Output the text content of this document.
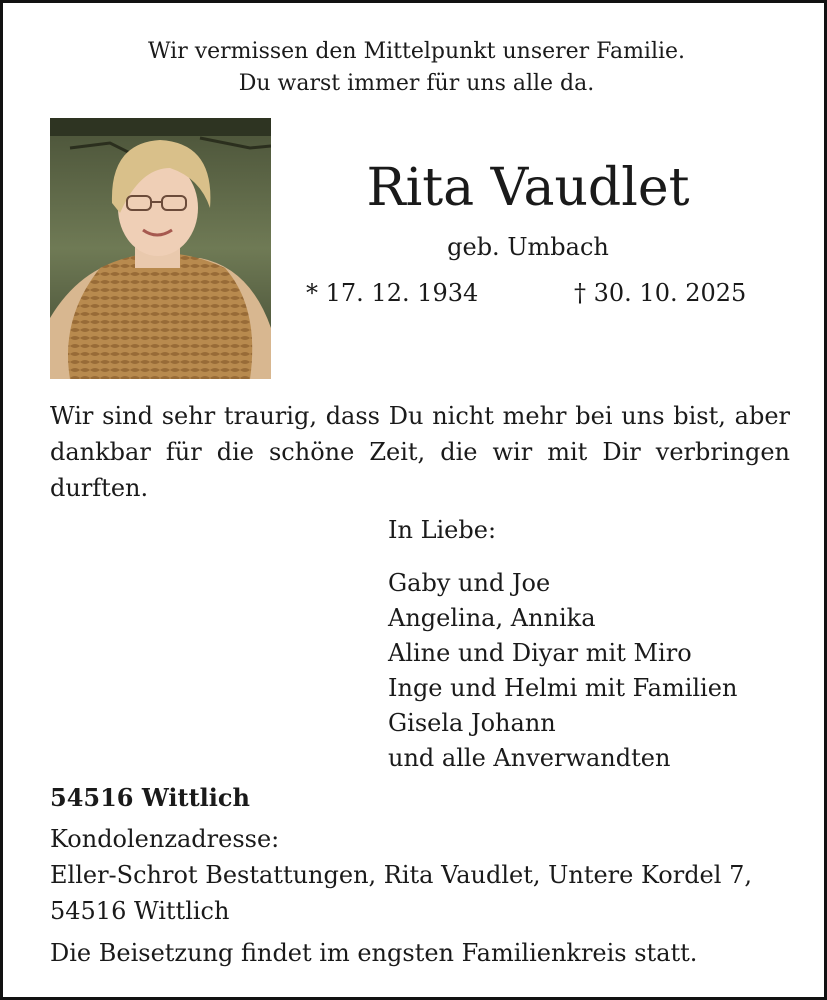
Wir vermissen den Mittelpunkt unserer Familie.
Du warst immer für uns alle da.
Rita Vaudlet
geb. Umbach
* 17. 12. 1934	† 30. 10. 2025
Wir sind sehr traurig, dass Du nicht mehr bei uns bist, aber dankbar für die schöne Zeit, die wir mit Dir verbringen durften.
In Liebe:
Gaby und Joe
Angelina, Annika
Aline und Diyar mit Miro
Inge und Helmi mit Familien
Gisela Johann
und alle Anverwandten
54516 Wittlich
Kondolenzadresse:
Eller-Schrot Bestattungen, Rita Vaudlet, Untere Kordel 7,
54516 Wittlich
Die Beisetzung findet im engsten Familienkreis statt.
